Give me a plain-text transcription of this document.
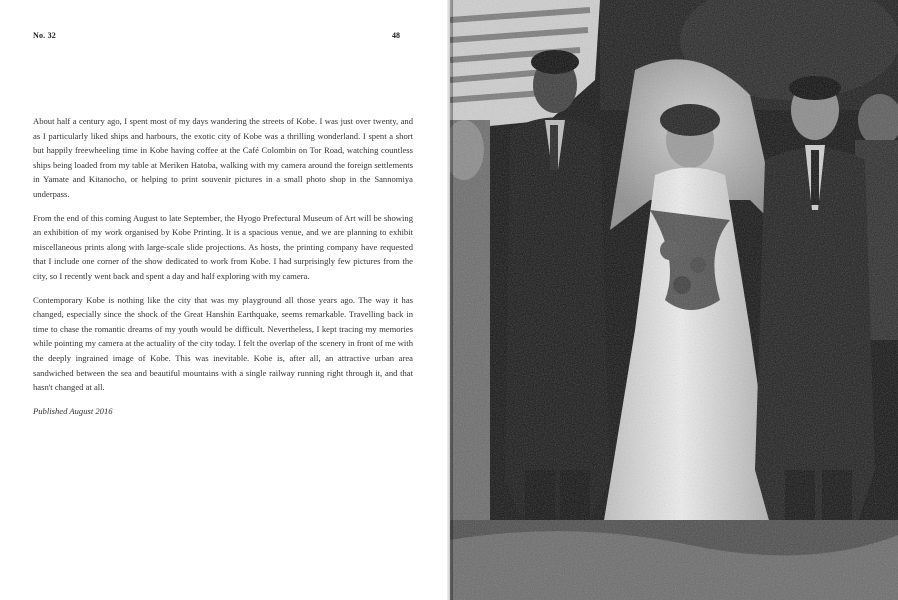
No. 32	48

About half a century ago, I spent most of my days wandering the streets of Kobe. I was just over twenty, and as I particularly liked ships and harbours, the exotic city of Kobe was a thrilling wonderland. I spent a short but happily freewheeling time in Kobe having coffee at the Café Colombin on Tor Road, watching countless ships being loaded from my table at Meriken Hatoba, walking with my camera around the foreign settlements in Yamate and Kitanocho, or helping to print souvenir pictures in a small photo shop in the Sannomiya underpass.

From the end of this coming August to late September, the Hyogo Prefectural Museum of Art will be showing an exhibition of my work organised by Kobe Printing. It is a spacious venue, and we are planning to exhibit miscellaneous prints along with large-scale slide projections. As hosts, the printing company have requested that I include one corner of the show dedicated to work from Kobe. I had surprisingly few pictures from the city, so I recently went back and spent a day and half exploring with my camera.

Contemporary Kobe is nothing like the city that was my playground all those years ago. The way it has changed, especially since the shock of the Great Hanshin Earthquake, seems remarkable. Travelling back in time to chase the romantic dreams of my youth would be difficult. Nevertheless, I kept tracing my memories while pointing my camera at the actuality of the city today. I felt the overlap of the scenery in front of me with the deeply ingrained image of Kobe. This was inevitable. Kobe is, after all, an attractive urban area sandwiched between the sea and beautiful mountains with a single railway running right through it, and that hasn't changed at all.

Published August 2016
